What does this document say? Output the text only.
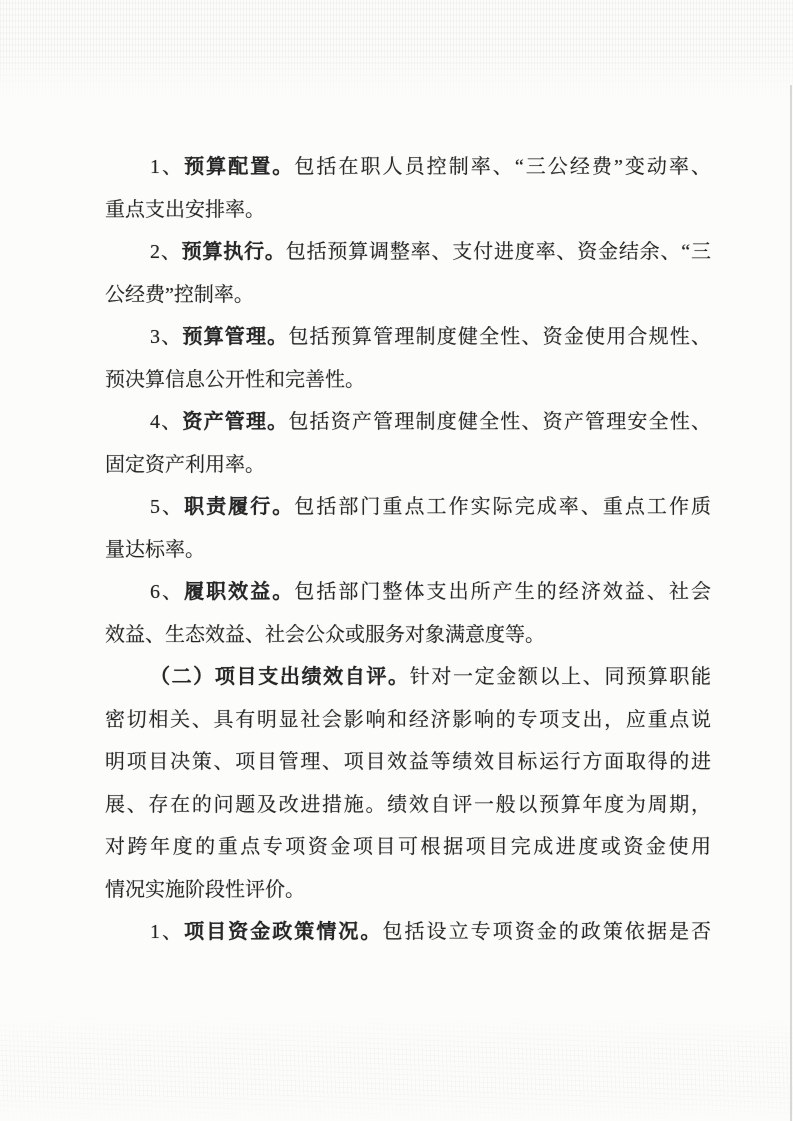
1、预算配置。包括在职人员控制率、“三公经费”变动率、
重点支出安排率。
2、预算执行。包括预算调整率、支付进度率、资金结余、“三
公经费”控制率。
3、预算管理。包括预算管理制度健全性、资金使用合规性、
预决算信息公开性和完善性。
4、资产管理。包括资产管理制度健全性、资产管理安全性、
固定资产利用率。
5、职责履行。包括部门重点工作实际完成率、重点工作质
量达标率。
6、履职效益。包括部门整体支出所产生的经济效益、社会
效益、生态效益、社会公众或服务对象满意度等。
（二）项目支出绩效自评。针对一定金额以上、同预算职能
密切相关、具有明显社会影响和经济影响的专项支出，应重点说
明项目决策、项目管理、项目效益等绩效目标运行方面取得的进
展、存在的问题及改进措施。绩效自评一般以预算年度为周期，
对跨年度的重点专项资金项目可根据项目完成进度或资金使用
情况实施阶段性评价。
1、项目资金政策情况。包括设立专项资金的政策依据是否
